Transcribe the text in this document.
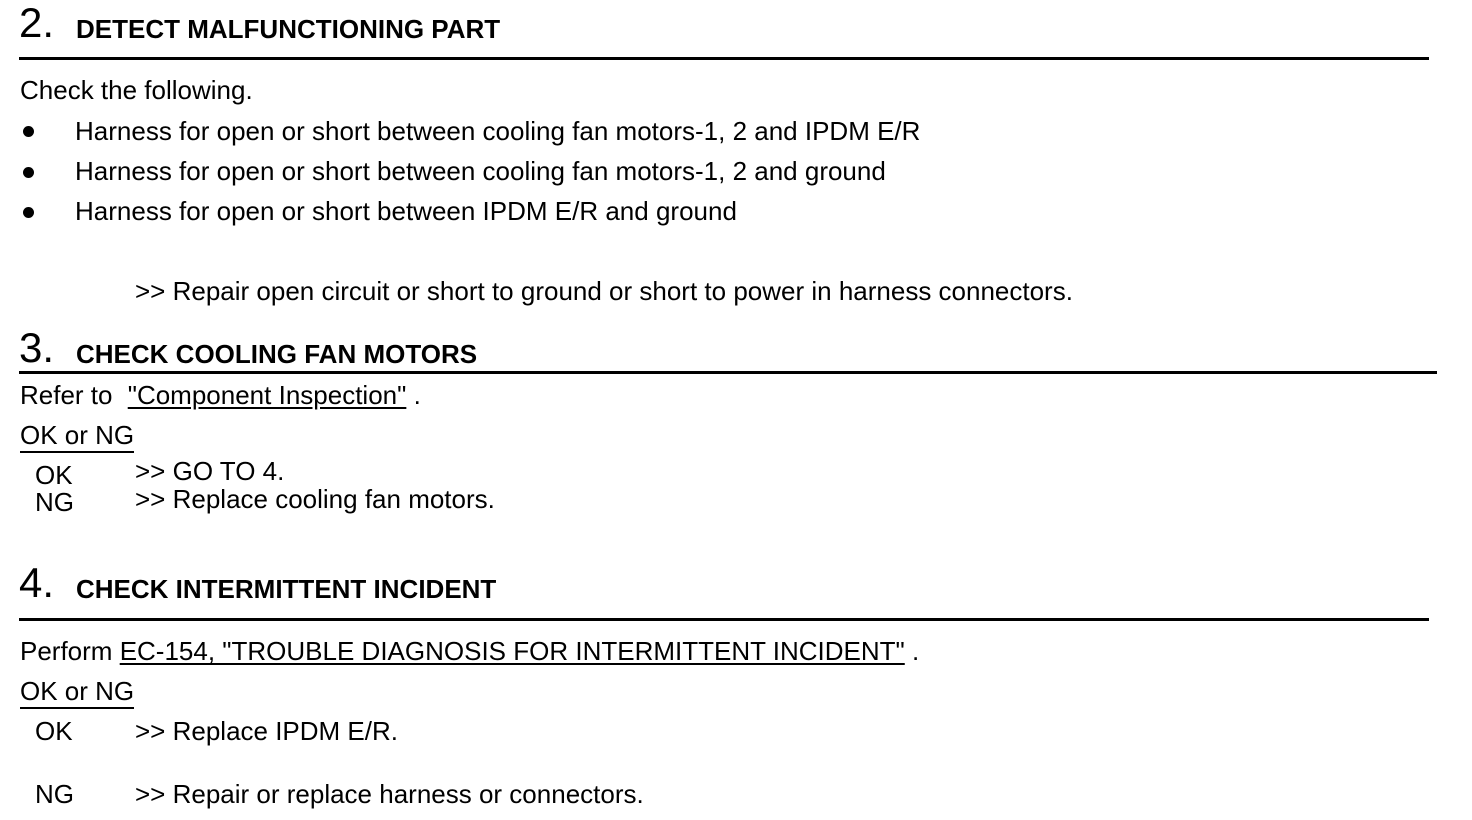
2. DETECT MALFUNCTIONING PART
Check the following.
Harness for open or short between cooling fan motors-1, 2 and IPDM E/R
Harness for open or short between cooling fan motors-1, 2 and ground
Harness for open or short between IPDM E/R and ground
>> Repair open circuit or short to ground or short to power in harness connectors.
3. CHECK COOLING FAN MOTORS
Refer to "Component Inspection" .
OK or NG
OK >> GO TO 4.
NG >> Replace cooling fan motors.
4. CHECK INTERMITTENT INCIDENT
Perform EC-154, "TROUBLE DIAGNOSIS FOR INTERMITTENT INCIDENT" .
OK or NG
OK >> Replace IPDM E/R.
NG >> Repair or replace harness or connectors.
